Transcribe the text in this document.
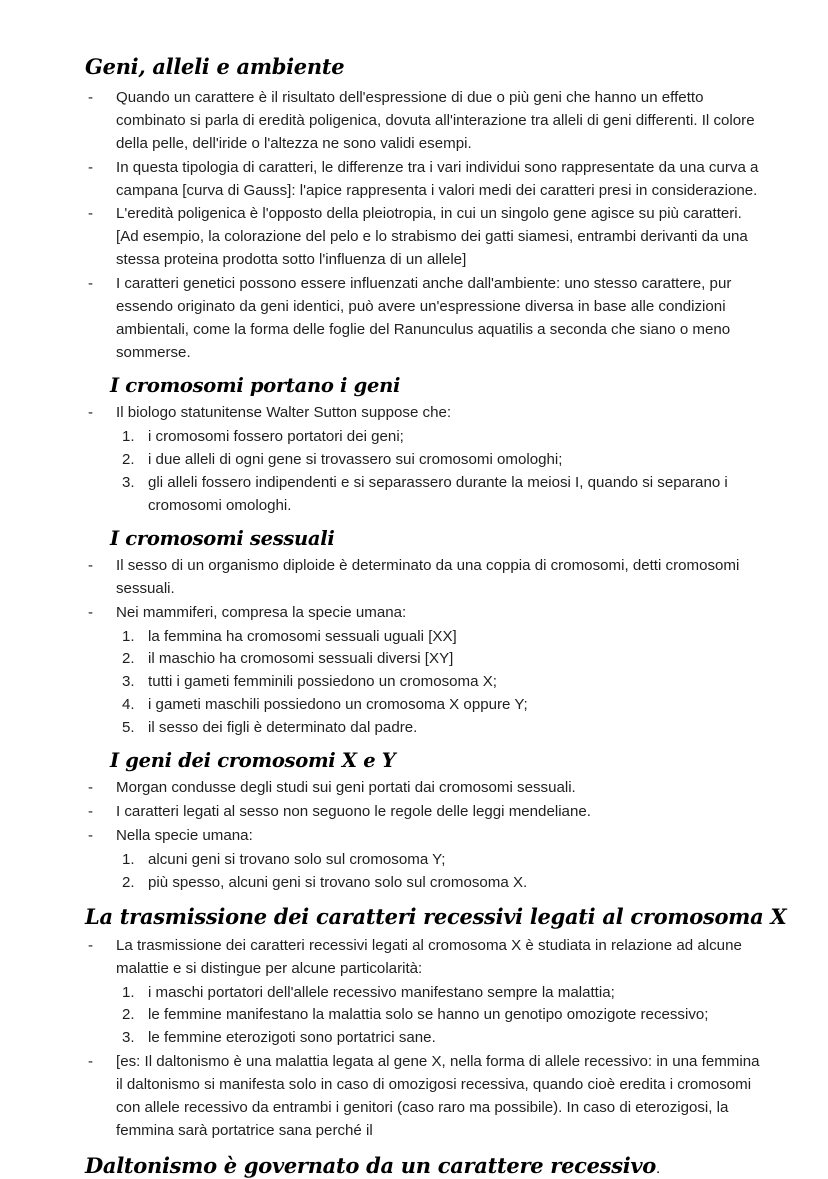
Geni, alleli e ambiente
- Quando un carattere è il risultato dell'espressione di due o più geni che hanno un effetto combinato si parla di eredità poligenica, dovuta all'interazione tra alleli di geni differenti. Il colore della pelle, dell'iride o l'altezza ne sono validi esempi.
- In questa tipologia di caratteri, le differenze tra i vari individui sono rappresentate da una curva a campana [curva di Gauss]: l'apice rappresenta i valori medi dei caratteri presi in considerazione.
- L'eredità poligenica è l'opposto della pleiotropia, in cui un singolo gene agisce su più caratteri. [Ad esempio, la colorazione del pelo e lo strabismo dei gatti siamesi, entrambi derivanti da una stessa proteina prodotta sotto l'influenza di un allele]
- I caratteri genetici possono essere influenzati anche dall'ambiente: uno stesso carattere, pur essendo originato da geni identici, può avere un'espressione diversa in base alle condizioni ambientali, come la forma delle foglie del Ranunculus aquatilis a seconda che siano o meno sommerse.
I cromosomi portano i geni
- Il biologo statunitense Walter Sutton suppose che:
1. i cromosomi fossero portatori dei geni;
2. i due alleli di ogni gene si trovassero sui cromosomi omologhi;
3. gli alleli fossero indipendenti e si separassero durante la meiosi I, quando si separano i cromosomi omologhi.
I cromosomi sessuali
- Il sesso di un organismo diploide è determinato da una coppia di cromosomi, detti cromosomi sessuali.
- Nei mammiferi, compresa la specie umana:
1. la femmina ha cromosomi sessuali uguali [XX]
2. il maschio ha cromosomi sessuali diversi [XY]
3. tutti i gameti femminili possiedono un cromosoma X;
4. i gameti maschili possiedono un cromosoma X oppure Y;
5. il sesso dei figli è determinato dal padre.
I geni dei cromosomi X e Y
- Morgan condusse degli studi sui geni portati dai cromosomi sessuali.
- I caratteri legati al sesso non seguono le regole delle leggi mendeliane.
- Nella specie umana:
1. alcuni geni si trovano solo sul cromosoma Y;
2. più spesso, alcuni geni si trovano solo sul cromosoma X.
La trasmissione dei caratteri recessivi legati al cromosoma X
- La trasmissione dei caratteri recessivi legati al cromosoma X è studiata in relazione ad alcune malattie e si distingue per alcune particolarità:
1. i maschi portatori dell'allele recessivo manifestano sempre la malattia;
2. le femmine manifestano la malattia solo se hanno un genotipo omozigote recessivo;
3. le femmine eterozigoti sono portatrici sane.
- [es: Il daltonismo è una malattia legata al gene X, nella forma di allele recessivo: in una femmina il daltonismo si manifesta solo in caso di omozigosi recessiva, quando cioè eredita i cromosomi con allele recessivo da entrambi i genitori (caso raro ma possibile). In caso di eterozigosi, la femmina sarà portatrice sana perché il
Daltonismo è governato da un carattere recessivo.
